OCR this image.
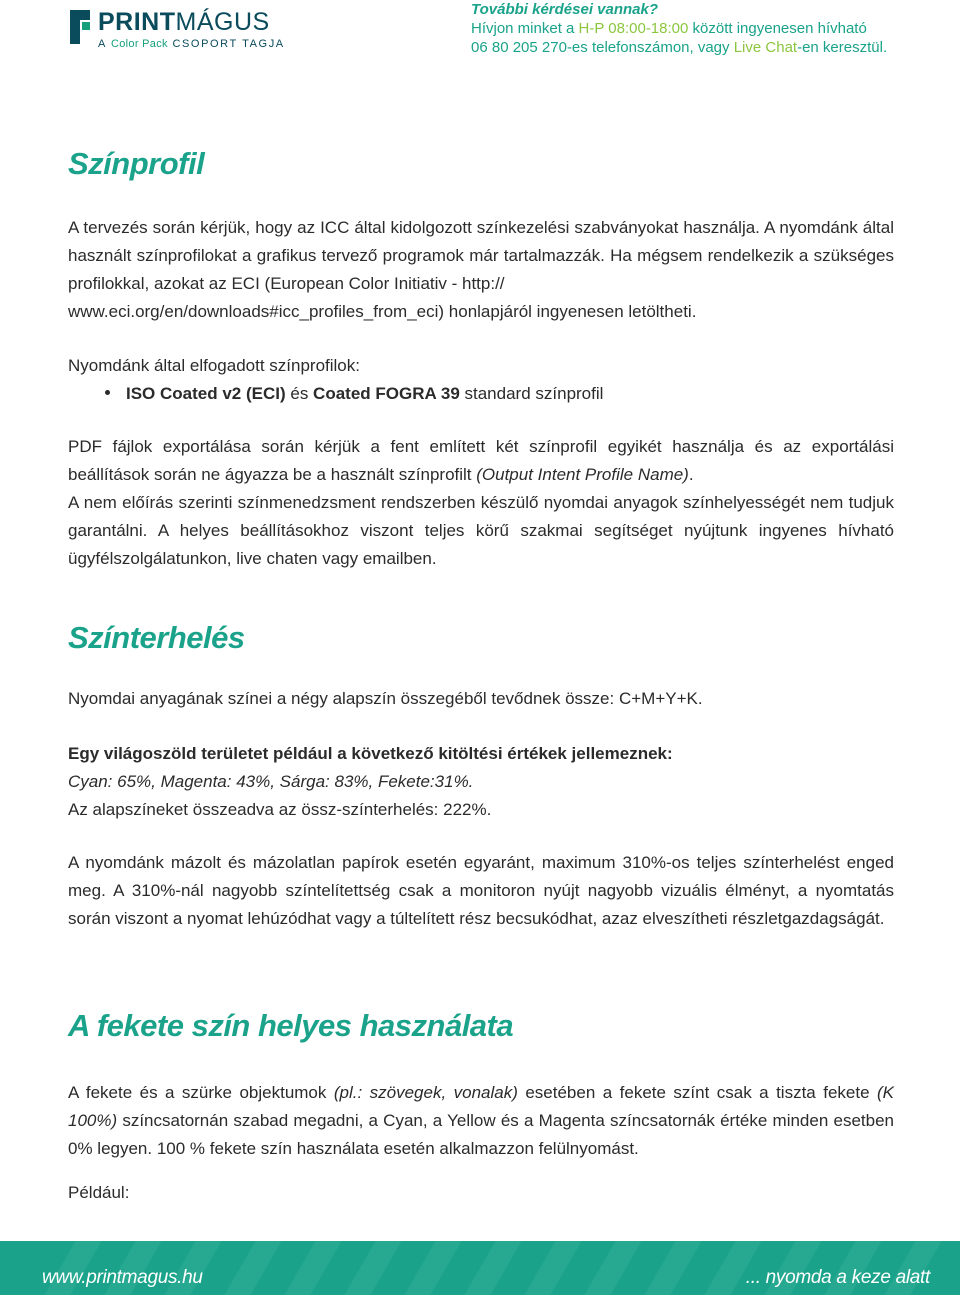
PRINTMÁGUS
A Color Pack CSOPORT TAGJA
További kérdései vannak?
Hívjon minket a H-P 08:00-18:00 között ingyenesen hívható
06 80 205 270-es telefonszámon, vagy Live Chat-en keresztül.
Színprofil
A tervezés során kérjük, hogy az ICC által kidolgozott színkezelési szabványokat használja. A nyomdánk által használt színprofilokat a grafikus tervező programok már tartalmazzák. Ha mégsem rendelkezik a szükséges profilokkal, azokat az ECI (European Color Initiativ - http://
www.eci.org/en/downloads#icc_profiles_from_eci) honlapjáról ingyenesen letöltheti.
Nyomdánk által elfogadott színprofilok:
ISO Coated v2 (ECI) és Coated FOGRA 39 standard színprofil
PDF fájlok exportálása során kérjük a fent említett két színprofil egyikét használja és az exportálási beállítások során ne ágyazza be a használt színprofilt (Output Intent Profile Name).
A nem előírás szerinti színmenedzsment rendszerben készülő nyomdai anyagok színhelyességét nem tudjuk garantálni. A helyes beállításokhoz viszont teljes körű szakmai segítséget nyújtunk ingyenes hívható ügyfélszolgálatunkon, live chaten vagy emailben.
Színterhelés
Nyomdai anyagának színei a négy alapszín összegéből tevődnek össze: C+M+Y+K.
Egy világoszöld területet például a következő kitöltési értékek jellemeznek:
Cyan: 65%, Magenta: 43%, Sárga: 83%, Fekete:31%.
Az alapszíneket összeadva az össz-színterhelés: 222%.
A nyomdánk mázolt és mázolatlan papírok esetén egyaránt, maximum 310%-os teljes színterhelést enged meg. A 310%-nál nagyobb színtelítettség csak a monitoron nyújt nagyobb vizuális élményt, a nyomtatás során viszont a nyomat lehúzódhat vagy a túltelített rész becsukódhat, azaz elveszítheti részletgazdagságát.
A fekete szín helyes használata
A fekete és a szürke objektumok (pl.: szövegek, vonalak) esetében a fekete színt csak a tiszta fekete (K 100%) színcsatornán szabad megadni, a Cyan, a Yellow és a Magenta színcsatornák értéke minden esetben 0% legyen. 100 % fekete szín használata esetén alkalmazzon felülnyomást.
Például:
www.printmagus.hu	... nyomda a keze alatt
